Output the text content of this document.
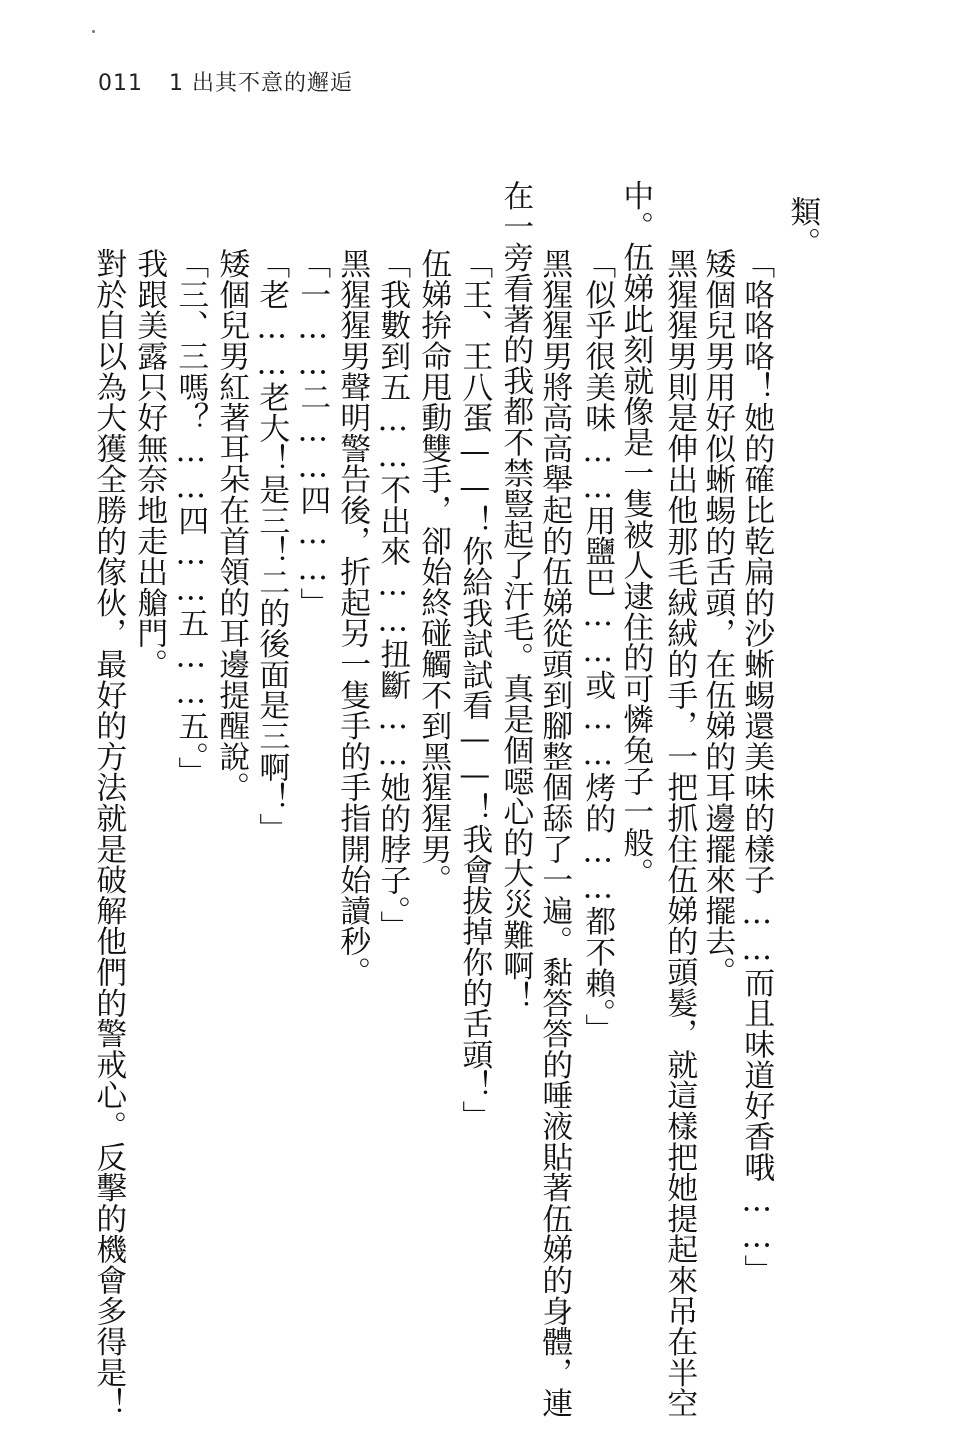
011 1 出其不意的邂逅
類。
「咯咯咯！她的確比乾扁的沙蜥蜴還美味的樣子……而且味道好香哦……」
矮個兒男用好似蜥蜴的舌頭，在伍娣的耳邊擺來擺去。
黑猩猩男則是伸出他那毛絨絨的手，一把抓住伍娣的頭髮，就這樣把她提起來吊在半空
中。伍娣此刻就像是一隻被人逮住的可憐兔子一般。
「似乎很美味……用鹽巴……或……烤的……都不賴。」
黑猩猩男將高高舉起的伍娣從頭到腳整個舔了一遍。黏答答的唾液貼著伍娣的身體，連
在一旁看著的我都不禁豎起了汗毛。真是個噁心的大災難啊！
「王、王八蛋——！你給我試試看——！我會拔掉你的舌頭！」
伍娣拚命甩動雙手，卻始終碰觸不到黑猩猩男。
「我數到五……不出來……扭斷……她的脖子。」
黑猩猩男聲明警告後，折起另一隻手的手指開始讀秒。
「一……二……四……」
「老……老大！是三！二的後面是三啊！」
矮個兒男紅著耳朵在首領的耳邊提醒說。
「三、三嗎？……四……五……五。」
我跟美露只好無奈地走出艙門。
對於自以為大獲全勝的傢伙，最好的方法就是破解他們的警戒心。反擊的機會多得是！
